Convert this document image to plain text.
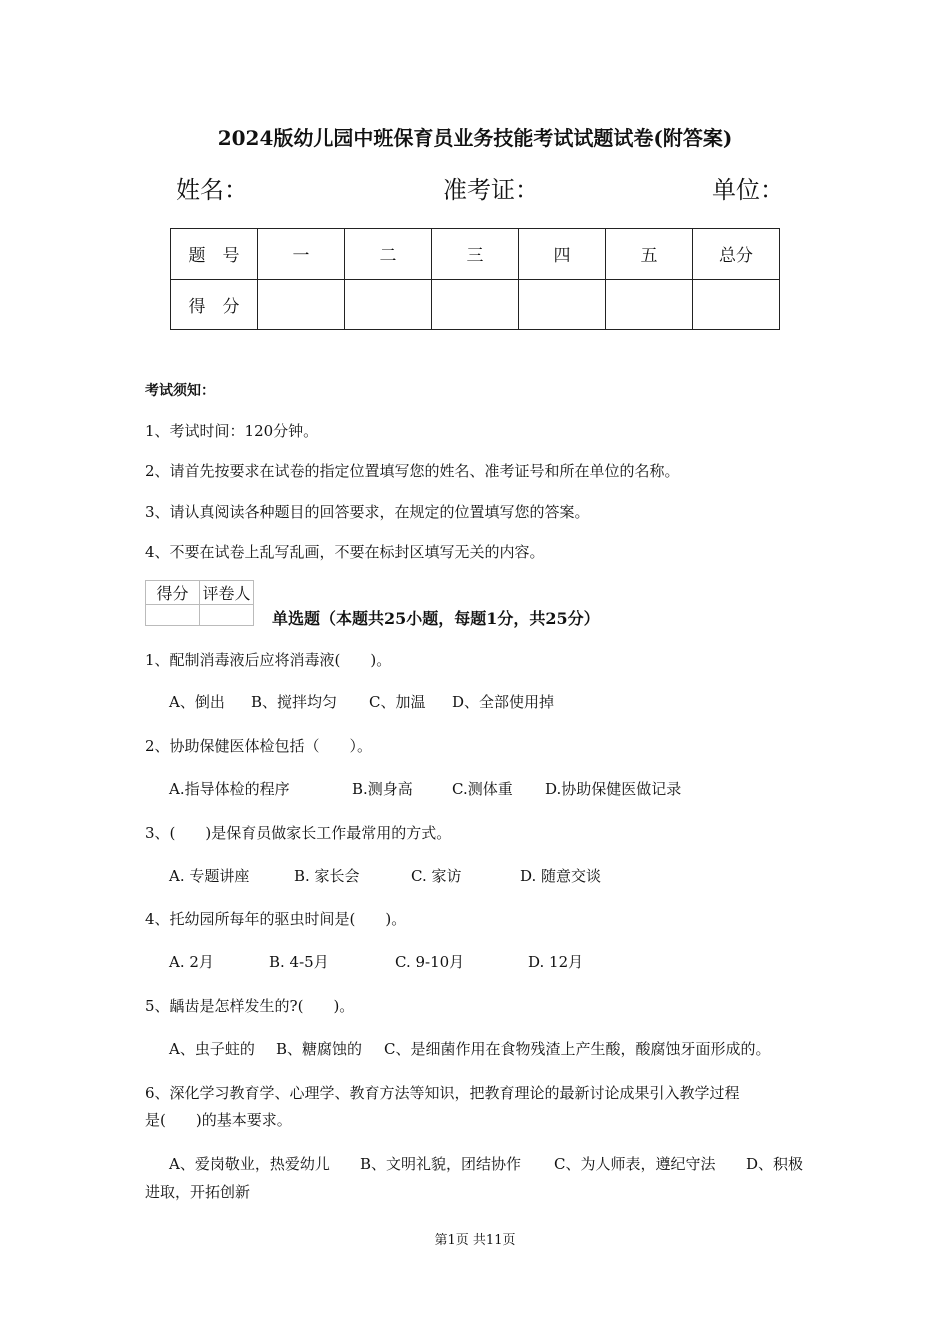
2024版幼儿园中班保育员业务技能考试试题试卷(附答案)
姓名：	准考证：	单位：
题　号	一	二	三	四	五	总分
得　分						
考试须知：
1、考试时间：120分钟。
2、请首先按要求在试卷的指定位置填写您的姓名、准考证号和所在单位的名称。
3、请认真阅读各种题目的回答要求，在规定的位置填写您的答案。
4、不要在试卷上乱写乱画，不要在标封区填写无关的内容。
得分	评卷人

单选题（本题共25小题，每题1分，共25分）
1、配制消毒液后应将消毒液(　　)。
A、倒出 B、搅拌均匀 C、加温 D、全部使用掉
2、协助保健医体检包括（　　）。
A.指导体检的程序	B.测身高	C.测体重 D.协助保健医做记录
3、(　　)是保育员做家长工作最常用的方式。
A. 专题讲座	B. 家长会	C. 家访	D. 随意交谈
4、托幼园所每年的驱虫时间是(　　)。
A. 2月	B. 4-5月	C. 9-10月	D. 12月
5、龋齿是怎样发生的?(　　)。
A、虫子蛀的 B、糖腐蚀的 C、是细菌作用在食物残渣上产生酸，酸腐蚀牙面形成的。
6、深化学习教育学、心理学、教育方法等知识，把教育理论的最新讨论成果引入教学过程
是(　　)的基本要求。
A、爱岗敬业，热爱幼儿 B、文明礼貌，团结协作 C、为人师表，遵纪守法 D、积极
进取，开拓创新
第1页 共11页
